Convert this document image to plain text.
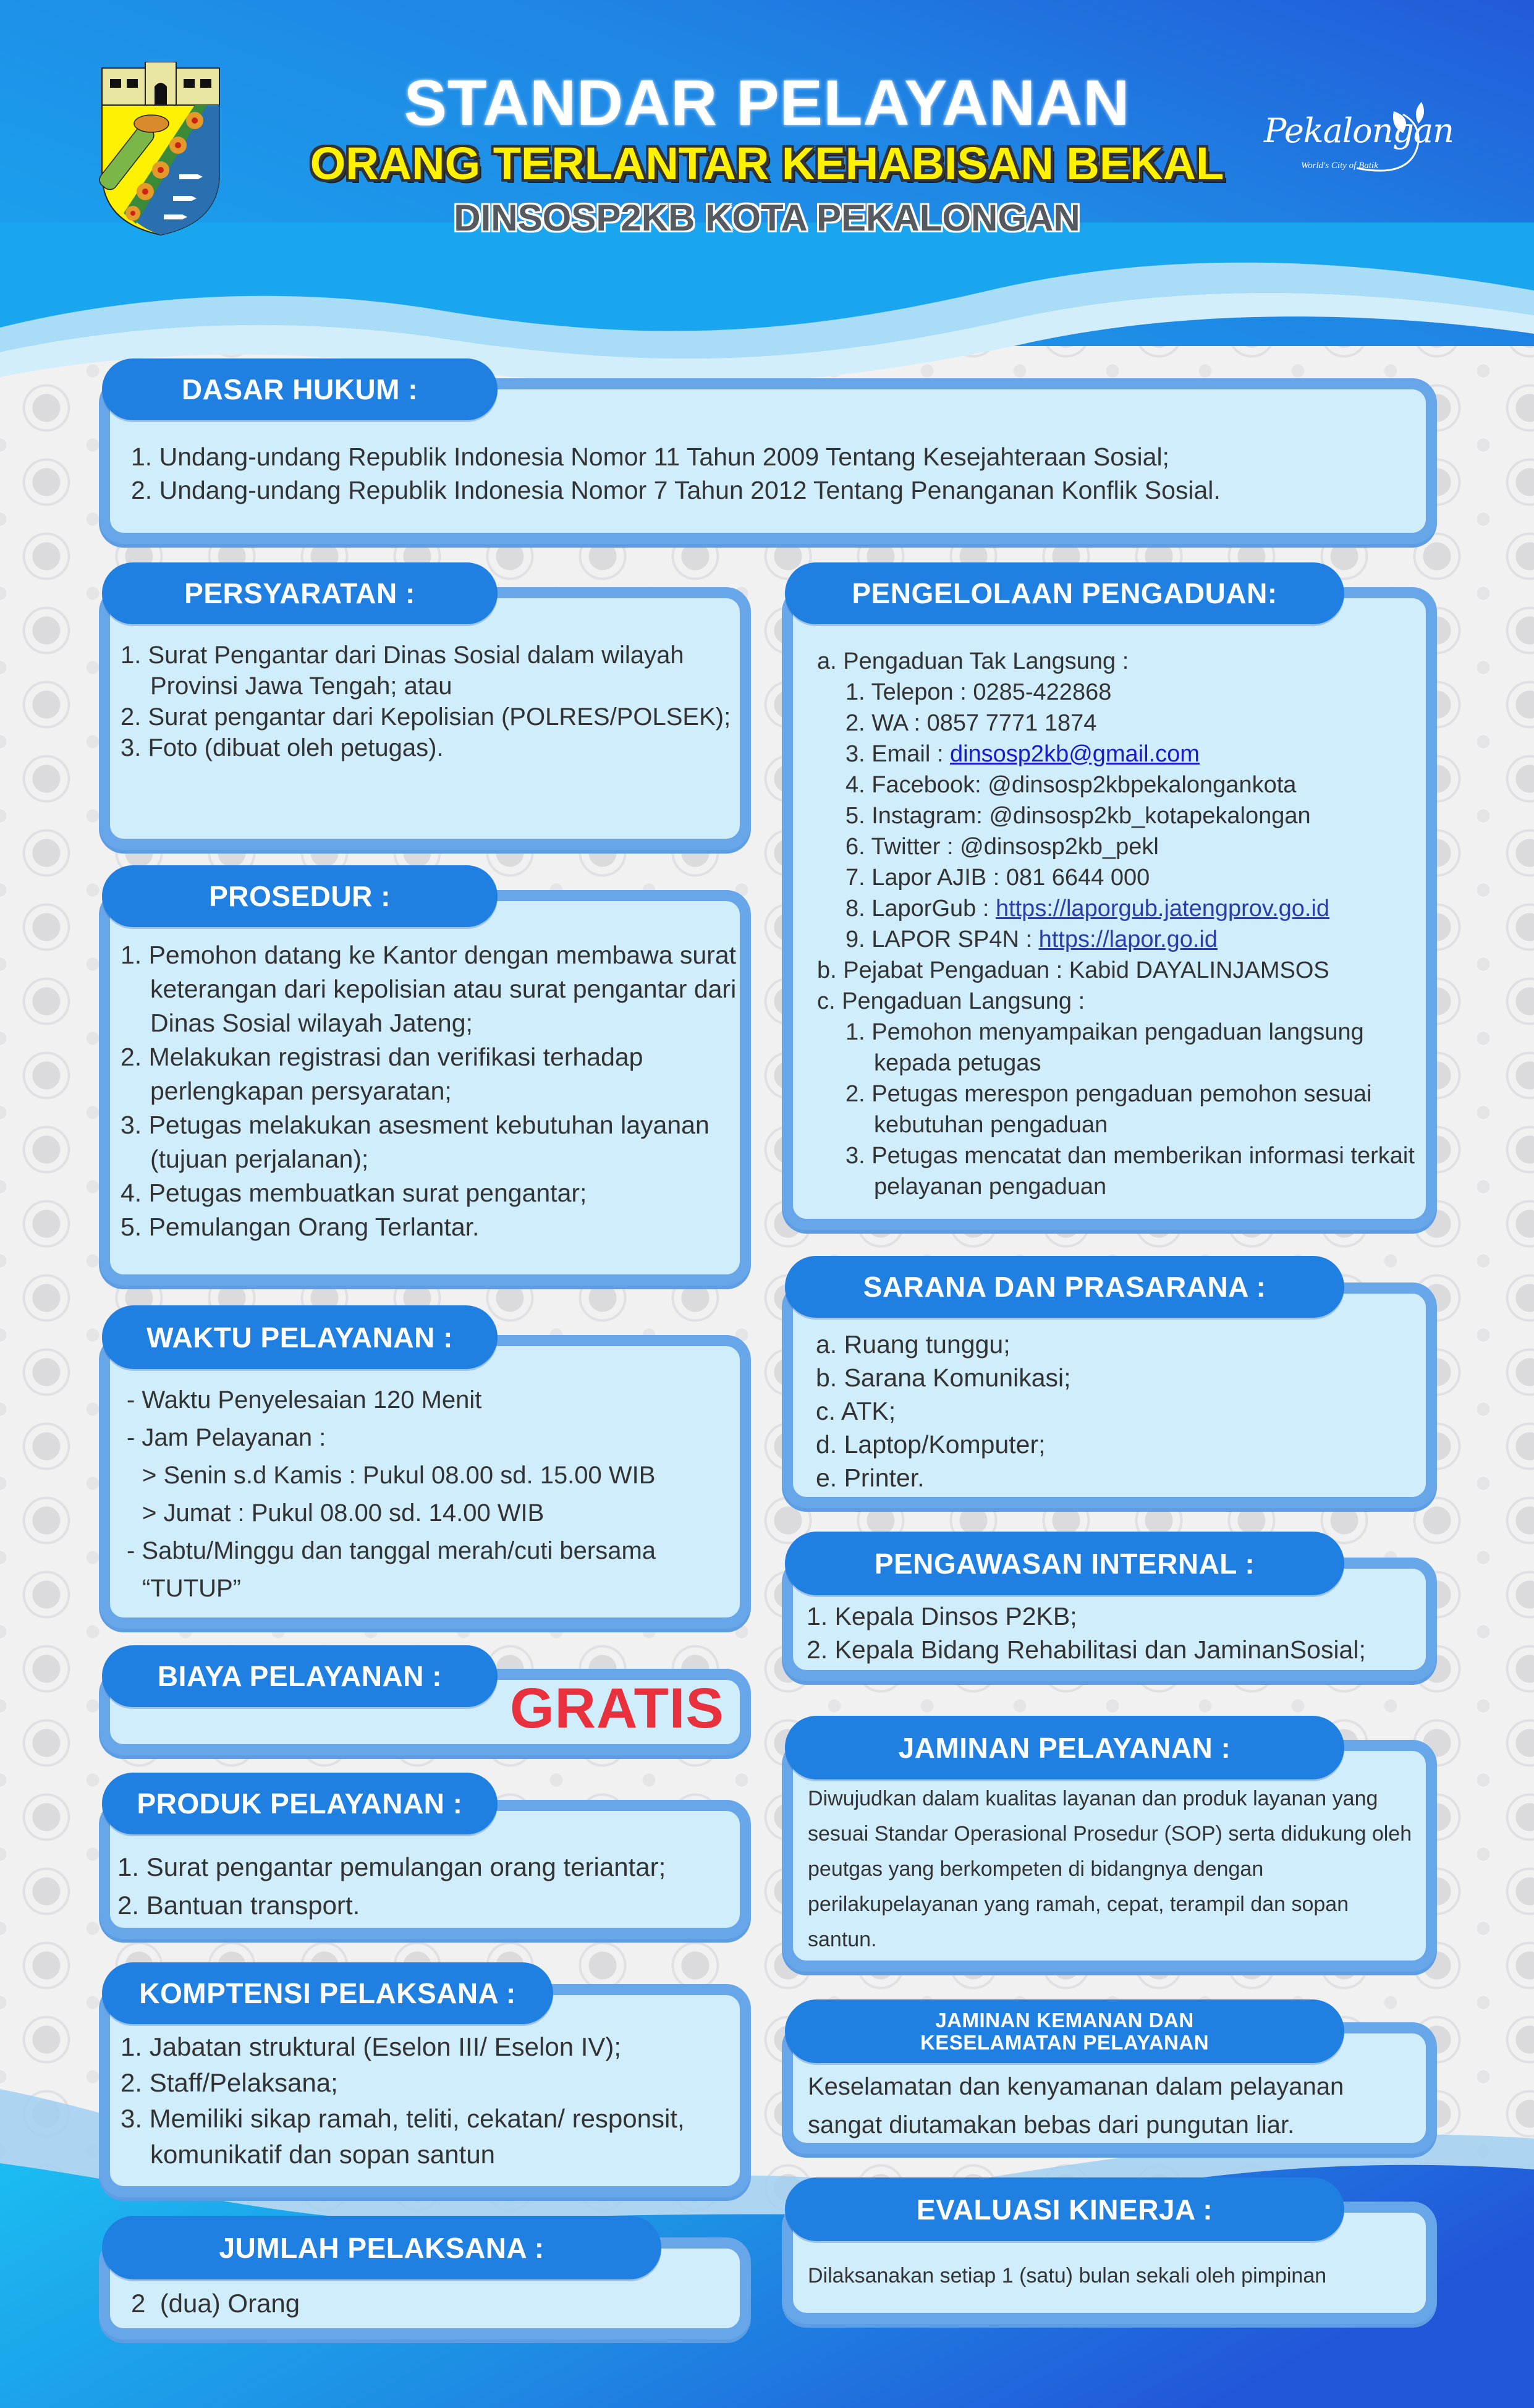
STANDAR PELAYANAN
ORANG TERLANTAR KEHABISAN BEKAL
DINSOSP2KB KOTA PEKALONGAN
Pekalongan
World's City of Batik
DASAR HUKUM :
1. Undang-undang Republik Indonesia Nomor 11 Tahun 2009 Tentang Kesejahteraan Sosial;
2. Undang-undang Republik Indonesia Nomor 7 Tahun 2012 Tentang Penanganan Konflik Sosial.
PERSYARATAN :
1. Surat Pengantar dari Dinas Sosial dalam wilayah Provinsi Jawa Tengah; atau
2. Surat pengantar dari Kepolisian (POLRES/POLSEK);
3. Foto (dibuat oleh petugas).
PROSEDUR :
1. Pemohon datang ke Kantor dengan membawa surat keterangan dari kepolisian atau surat pengantar dari Dinas Sosial wilayah Jateng;
2. Melakukan registrasi dan verifikasi terhadap perlengkapan persyaratan;
3. Petugas melakukan asesment kebutuhan layanan (tujuan perjalanan);
4. Petugas membuatkan surat pengantar;
5. Pemulangan Orang Terlantar.
WAKTU PELAYANAN :
- Waktu Penyelesaian 120 Menit
- Jam Pelayanan :
> Senin s.d Kamis : Pukul 08.00 sd. 15.00 WIB
> Jumat : Pukul 08.00 sd. 14.00 WIB
- Sabtu/Minggu dan tanggal merah/cuti bersama “TUTUP”
BIAYA PELAYANAN :
GRATIS
PRODUK PELAYANAN :
1. Surat pengantar pemulangan orang teriantar;
2. Bantuan transport.
KOMPTENSI PELAKSANA :
1. Jabatan struktural (Eselon III/ Eselon IV);
2. Staff/Pelaksana;
3. Memiliki sikap ramah, teliti, cekatan/ responsit, komunikatif dan sopan santun
JUMLAH PELAKSANA :
2  (dua) Orang
PENGELOLAAN PENGADUAN:
a. Pengaduan Tak Langsung :
1. Telepon : 0285-422868
2. WA : 0857 7771 1874
3. Email : dinsosp2kb@gmail.com
4. Facebook: @dinsosp2kbpekalongankota
5. Instagram: @dinsosp2kb_kotapekalongan
6. Twitter : @dinsosp2kb_pekl
7. Lapor AJIB : 081 6644 000
8. LaporGub : https://laporgub.jatengprov.go.id
9. LAPOR SP4N : https://lapor.go.id
b. Pejabat Pengaduan : Kabid DAYALINJAMSOS
c. Pengaduan Langsung :
1. Pemohon menyampaikan pengaduan langsung kepada petugas
2. Petugas merespon pengaduan pemohon sesuai kebutuhan pengaduan
3. Petugas mencatat dan memberikan informasi terkait pelayanan pengaduan
SARANA DAN PRASARANA :
a. Ruang tunggu;
b. Sarana Komunikasi;
c. ATK;
d. Laptop/Komputer;
e. Printer.
PENGAWASAN INTERNAL :
1. Kepala Dinsos P2KB;
2. Kepala Bidang Rehabilitasi dan JaminanSosial;
JAMINAN PELAYANAN :
Diwujudkan dalam kualitas layanan dan produk layanan yang sesuai Standar Operasional Prosedur (SOP) serta didukung oleh peutgas yang berkompeten di bidangnya dengan perilakupelayanan yang ramah, cepat, terampil dan sopan santun.
JAMINAN KEMANAN DAN
KESELAMATAN PELAYANAN
Keselamatan dan kenyamanan dalam pelayanan sangat diutamakan bebas dari pungutan liar.
EVALUASI KINERJA :
Dilaksanakan setiap 1 (satu) bulan sekali oleh pimpinan
